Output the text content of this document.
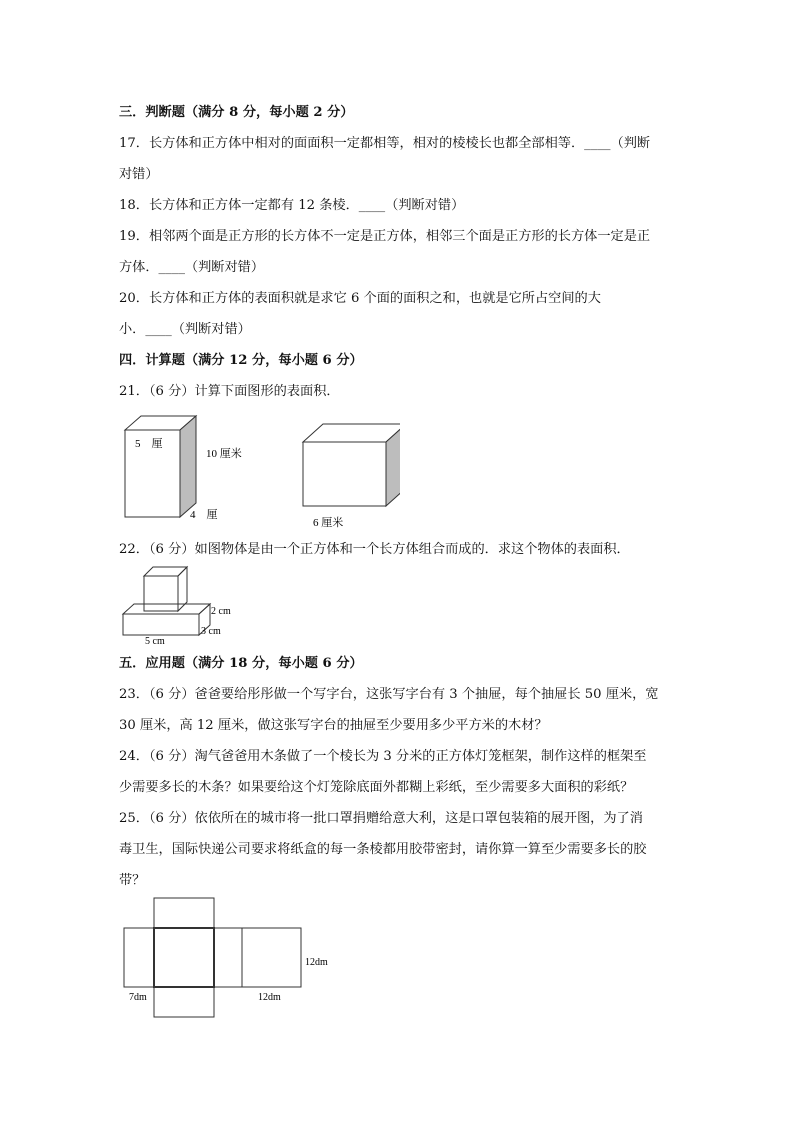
三．判断题（满分 8 分，每小题 2 分）
17．长方体和正方体中相对的面面积一定都相等，相对的棱棱长也都全部相等．____（判断
对错）
18．长方体和正方体一定都有 12 条棱．____（判断对错）
19．相邻两个面是正方形的长方体不一定是正方体，相邻三个面是正方形的长方体一定是正
方体．____（判断对错）
20．长方体和正方体的表面积就是求它 6 个面的面积之和，也就是它所占空间的大
小．____（判断对错）
四．计算题（满分 12 分，每小题 6 分）
21．（6 分）计算下面图形的表面积．
5　厘
10 厘米
4　厘
6 厘米
22．（6 分）如图物体是由一个正方体和一个长方体组合而成的．求这个物体的表面积．
2 cm
3 cm
5 cm
五．应用题（满分 18 分，每小题 6 分）
23．（6 分）爸爸要给彤彤做一个写字台，这张写字台有 3 个抽屉，每个抽屉长 50 厘米，宽
30 厘米，高 12 厘米，做这张写字台的抽屉至少要用多少平方米的木材？
24．（6 分）淘气爸爸用木条做了一个棱长为 3 分米的正方体灯笼框架，制作这样的框架至
少需要多长的木条？如果要给这个灯笼除底面外都糊上彩纸，至少需要多大面积的彩纸？
25．（6 分）依依所在的城市将一批口罩捐赠给意大利，这是口罩包装箱的展开图，为了消
毒卫生，国际快递公司要求将纸盒的每一条棱都用胶带密封，请你算一算至少需要多长的胶
带？
12dm
7dm	12dm
